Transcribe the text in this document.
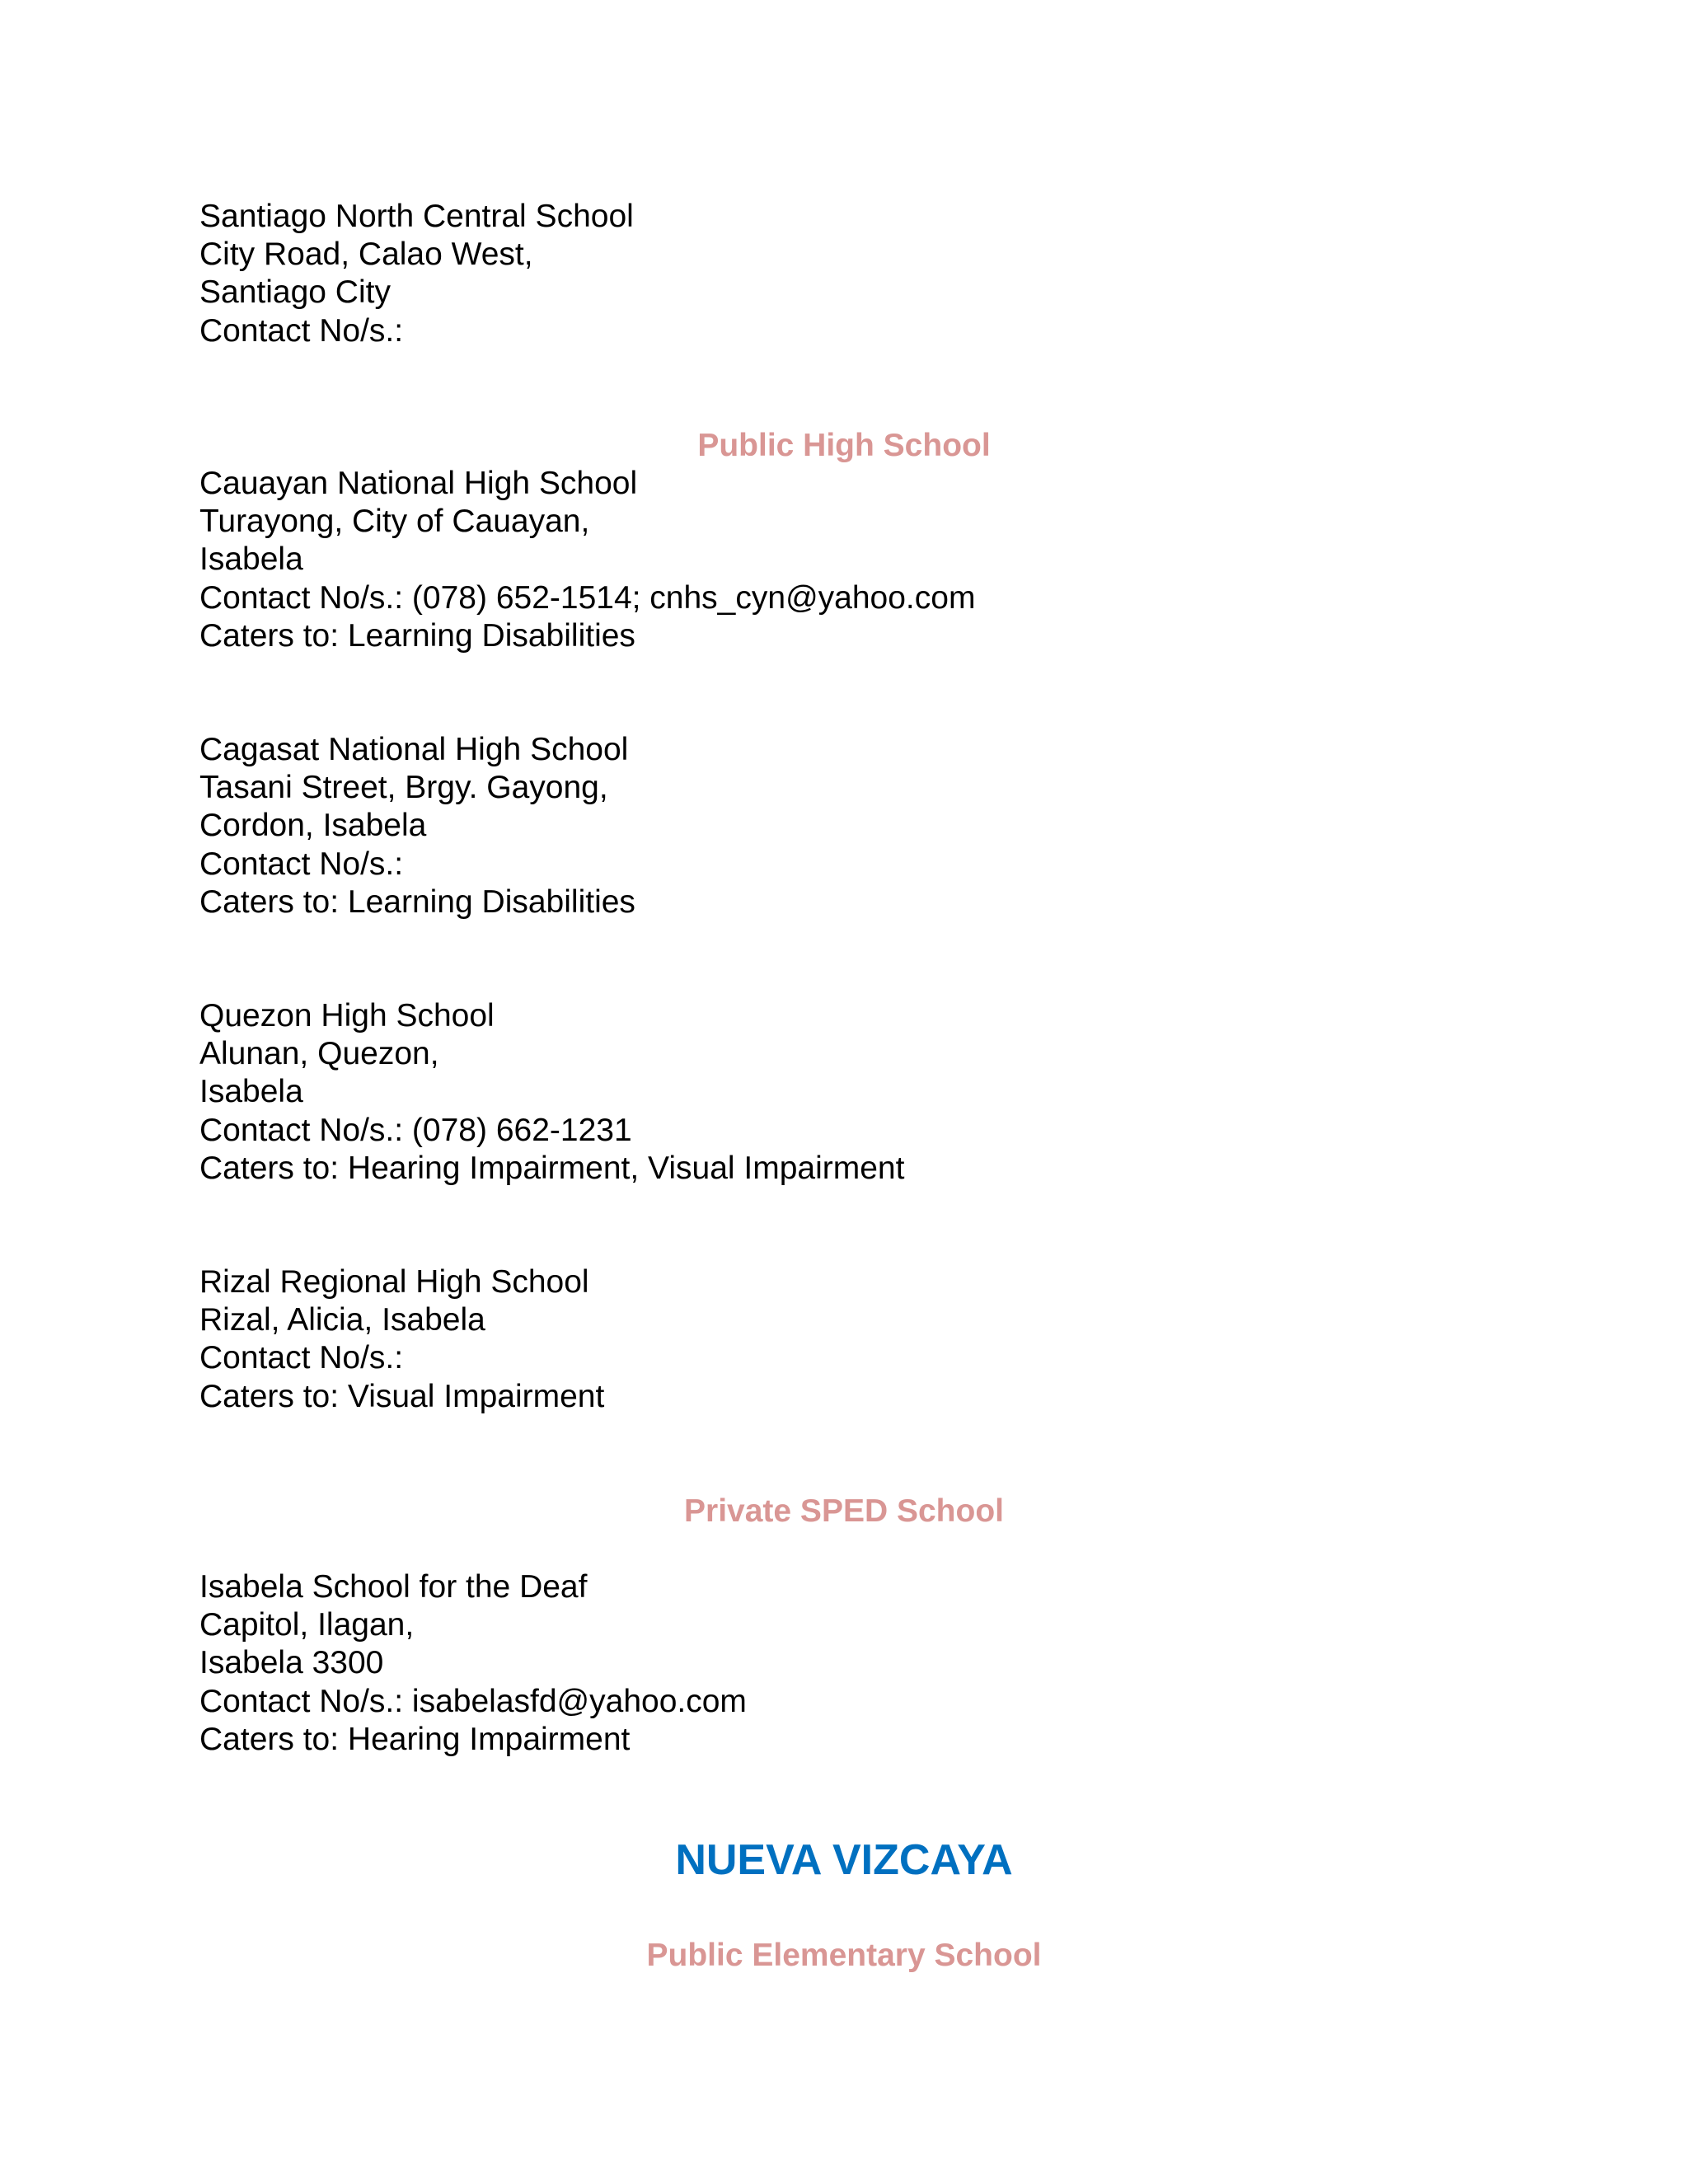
Santiago North Central School
City Road, Calao West,
Santiago City
Contact No/s.:
Public High School
Cauayan National High School
Turayong, City of Cauayan,
Isabela
Contact No/s.: (078) 652-1514; cnhs_cyn@yahoo.com
Caters to: Learning Disabilities
Cagasat National High School
Tasani Street, Brgy. Gayong,
Cordon, Isabela
Contact No/s.:
Caters to: Learning Disabilities
Quezon High School
Alunan, Quezon,
Isabela
Contact No/s.: (078) 662-1231
Caters to: Hearing Impairment, Visual Impairment
Rizal Regional High School
Rizal, Alicia, Isabela
Contact No/s.:
Caters to: Visual Impairment
Private SPED School
Isabela School for the Deaf
Capitol, Ilagan,
Isabela 3300
Contact No/s.: isabelasfd@yahoo.com
Caters to: Hearing Impairment
NUEVA VIZCAYA
Public Elementary School
